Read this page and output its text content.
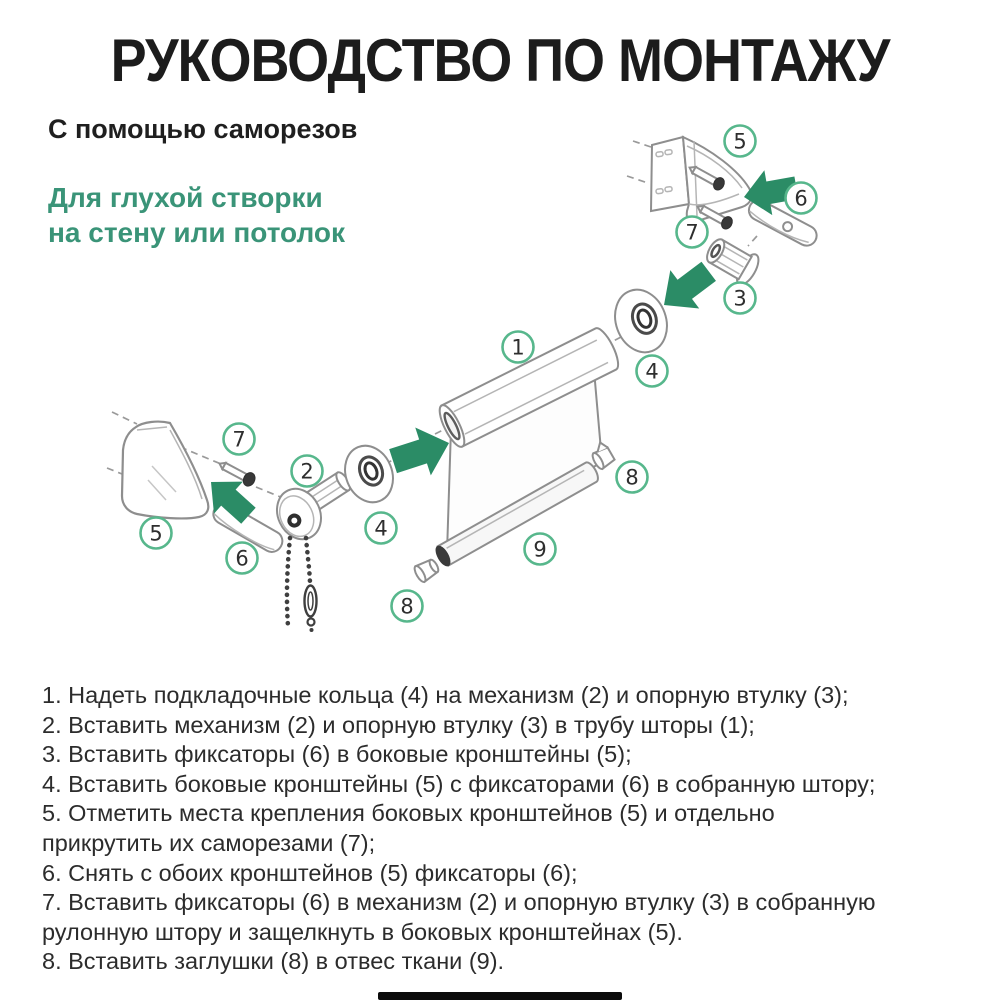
РУКОВОДСТВО ПО МОНТАЖУ
С помощью саморезов
Для глухой створки
на стену или потолок
1
2
3
4
4
5
5
6
6
7
7
8
8
9
1. Надеть подкладочные кольца (4) на механизм (2) и опорную втулку (3);
2. Вставить механизм (2) и опорную втулку (3) в трубу шторы (1);
3. Вставить фиксаторы (6) в боковые кронштейны (5);
4. Вставить боковые кронштейны (5) с фиксаторами (6) в собранную штору;
5. Отметить места крепления боковых кронштейнов (5) и отдельно
прикрутить их саморезами (7);
6. Снять с обоих кронштейнов (5) фиксаторы (6);
7. Вставить фиксаторы (6) в механизм (2) и опорную втулку (3) в собранную
рулонную штору и защелкнуть в боковых кронштейнах (5).
8. Вставить заглушки (8) в отвес ткани (9).
